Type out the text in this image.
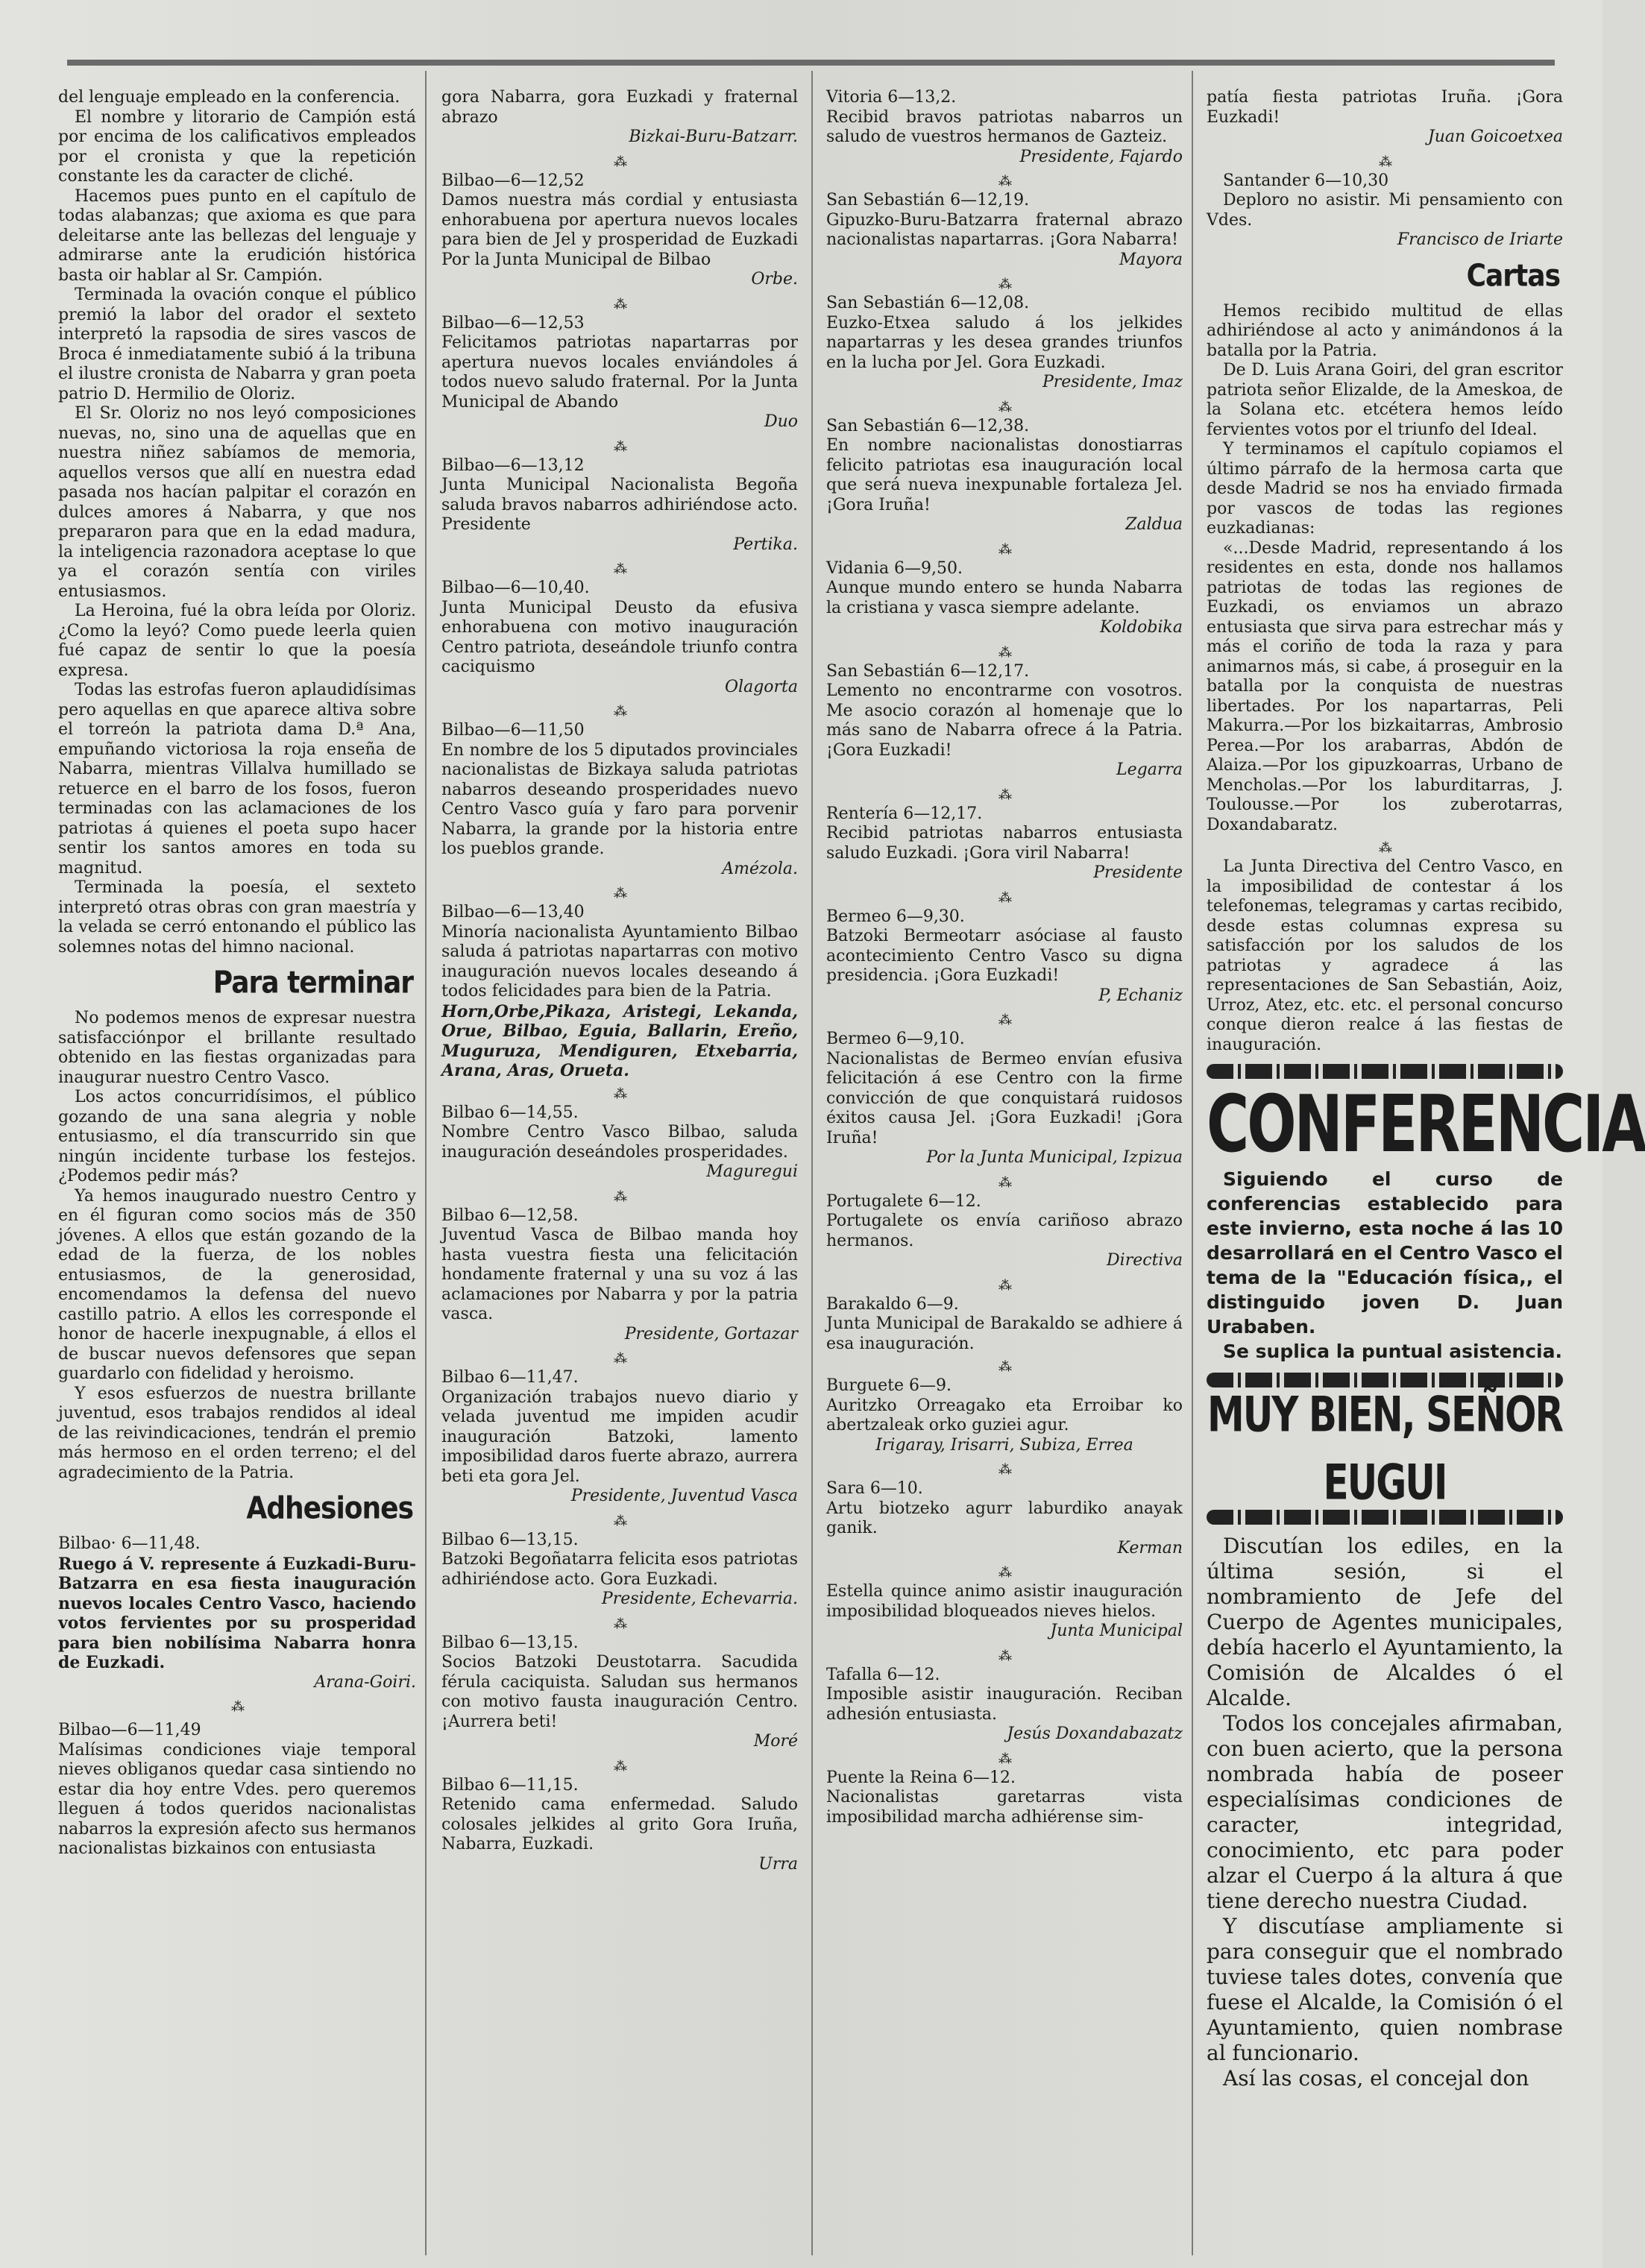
del lenguaje empleado en la conferencia.

El nombre y litorario de Campión está por encima de los calificativos empleados por el cronista y que la repetición constante les da caracter de cliché.

Hacemos pues punto en el capítulo de todas alabanzas; que axioma es que para deleitarse ante las bellezas del lenguaje y admirarse ante la erudición histórica basta oir hablar al Sr. Campión.

Terminada la ovación conque el público premió la labor del orador el sexteto interpretó la rapsodia de sires vascos de Broca é inmediatamente subió á la tribuna el ilustre cronista de Nabarra y gran poeta patrio D. Hermilio de Oloriz.

El Sr. Oloriz no nos leyó composiciones nuevas, no, sino una de aquellas que en nuestra niñez sabíamos de memoria, aquellos versos que allí en nuestra edad pasada nos hacían palpitar el corazón en dulces amores á Nabarra, y que nos prepararon para que en la edad madura, la inteligencia razonadora aceptase lo que ya el corazón sentía con viriles entusiasmos.

La Heroina, fué la obra leída por Oloriz. ¿Como la leyó? Como puede leerla quien fué capaz de sentir lo que la poesía expresa.

Todas las estrofas fueron aplaudidísimas pero aquellas en que aparece altiva sobre el torreón la patriota dama D.ª Ana, empuñando victoriosa la roja enseña de Nabarra, mientras Villalva humillado se retuerce en el barro de los fosos, fueron terminadas con las aclamaciones de los patriotas á quienes el poeta supo hacer sentir los santos amores en toda su magnitud.

Terminada la poesía, el sexteto interpretó otras obras con gran maestría y la velada se cerró entonando el público las solemnes notas del himno nacional.

Para terminar

No podemos menos de expresar nuestra satisfacciónpor el brillante resultado obtenido en las fiestas organizadas para inaugurar nuestro Centro Vasco.

Los actos concurridísimos, el público gozando de una sana alegria y noble entusiasmo, el día transcurrido sin que ningún incidente turbase los festejos. ¿Podemos pedir más?

Ya hemos inaugurado nuestro Centro y en él figuran como socios más de 350 jóvenes. A ellos que están gozando de la edad de la fuerza, de los nobles entusiasmos, de la generosidad, encomendamos la defensa del nuevo castillo patrio. A ellos les corresponde el honor de hacerle inexpugnable, á ellos el de buscar nuevos defensores que sepan guardarlo con fidelidad y heroismo.

Y esos esfuerzos de nuestra brillante juventud, esos trabajos rendidos al ideal de las reivindicaciones, tendrán el premio más hermoso en el orden terreno; el del agradecimiento de la Patria.

Adhesiones

Bilbao· 6—11,48.

Ruego á V. represente á Euzkadi-Buru-Batzarra en esa fiesta inauguración nuevos locales Centro Vasco, haciendo votos fervientes por su prosperidad para bien nobilísima Nabarra honra de Euzkadi.

Arana-Goiri.

⁂

Bilbao—6—11,49

Malísimas condiciones viaje temporal nieves obliganos quedar casa sintiendo no estar dia hoy entre Vdes. pero queremos lleguen á todos queridos nacionalistas nabarros la expresión afecto sus hermanos nacionalistas bizkainos con entusiasta

gora Nabarra, gora Euzkadi y fraternal abrazo

Bizkai-Buru-Batzarr.

⁂

Bilbao—6—12,52

Damos nuestra más cordial y entusiasta enhorabuena por apertura nuevos locales para bien de Jel y prosperidad de Euzkadi Por la Junta Municipal de Bilbao

Orbe.

⁂

Bilbao—6—12,53

Felicitamos patriotas napartarras por apertura nuevos locales enviándoles á todos nuevo saludo fraternal. Por la Junta Municipal de Abando

Duo

⁂

Bilbao—6—13,12

Junta Municipal Nacionalista Begoña saluda bravos nabarros adhiriéndose acto. Presidente

Pertika.

⁂

Bilbao—6—10,40.

Junta Municipal Deusto da efusiva enhorabuena con motivo inauguración Centro patriota, deseándole triunfo contra caciquismo

Olagorta

⁂

Bilbao—6—11,50

En nombre de los 5 diputados provinciales nacionalistas de Bizkaya saluda patriotas nabarros deseando prosperidades nuevo Centro Vasco guía y faro para porvenir Nabarra, la grande por la historia entre los pueblos grande.

Amézola.

⁂

Bilbao—6—13,40

Minoría nacionalista Ayuntamiento Bilbao saluda á patriotas napartarras con motivo inauguración nuevos locales deseando á todos felicidades para bien de la Patria.

Horn,Orbe,Pikaza, Aristegi, Lekanda, Orue, Bilbao, Eguia, Ballarin, Ereño, Muguruza, Mendiguren, Etxebarria, Arana, Aras, Orueta.

⁂

Bilbao 6—14,55.

Nombre Centro Vasco Bilbao, saluda inauguración deseándoles prosperidades.

Maguregui

⁂

Bilbao 6—12,58.

Juventud Vasca de Bilbao manda hoy hasta vuestra fiesta una felicitación hondamente fraternal y una su voz á las aclamaciones por Nabarra y por la patria vasca.

Presidente, Gortazar

⁂

Bilbao 6—11,47.

Organización trabajos nuevo diario y velada juventud me impiden acudir inauguración Batzoki, lamento imposibilidad daros fuerte abrazo, aurrera beti eta gora Jel.

Presidente, Juventud Vasca

⁂

Bilbao 6—13,15.

Batzoki Begoñatarra felicita esos patriotas adhiriéndose acto. Gora Euzkadi.

Presidente, Echevarria.

⁂

Bilbao 6—13,15.

Socios Batzoki Deustotarra. Sacudida férula caciquista. Saludan sus hermanos con motivo fausta inauguración Centro. ¡Aurrera beti!

Moré

⁂

Bilbao 6—11,15.

Retenido cama enfermedad. Saludo colosales jelkides al grito Gora Iruña, Nabarra, Euzkadi.

Urra

Vitoria 6—13,2.

Recibid bravos patriotas nabarros un saludo de vuestros hermanos de Gazteiz.

Presidente, Fajardo

⁂

San Sebastián 6—12,19.

Gipuzko-Buru-Batzarra fraternal abrazo nacionalistas napartarras. ¡Gora Nabarra!

Mayora

⁂

San Sebastián 6—12,08.

Euzko-Etxea saludo á los jelkides napartarras y les desea grandes triunfos en la lucha por Jel. Gora Euzkadi.

Presidente, Imaz

⁂

San Sebastián 6—12,38.

En nombre nacionalistas donostiarras felicito patriotas esa inauguración local que será nueva inexpunable fortaleza Jel. ¡Gora Iruña!

Zaldua

⁂

Vidania 6—9,50.

Aunque mundo entero se hunda Nabarra la cristiana y vasca siempre adelante.

Koldobika

⁂

San Sebastián 6—12,17.

Lemento no encontrarme con vosotros. Me asocio corazón al homenaje que lo más sano de Nabarra ofrece á la Patria. ¡Gora Euzkadi!

Legarra

⁂

Rentería 6—12,17.

Recibid patriotas nabarros entusiasta saludo Euzkadi. ¡Gora viril Nabarra!

Presidente

⁂

Bermeo 6—9,30.

Batzoki Bermeotarr asóciase al fausto acontecimiento Centro Vasco su digna presidencia. ¡Gora Euzkadi!

P, Echaniz

⁂

Bermeo 6—9,10.

Nacionalistas de Bermeo envían efusiva felicitación á ese Centro con la firme convicción de que conquistará ruidosos éxitos causa Jel. ¡Gora Euzkadi! ¡Gora Iruña!

Por la Junta Municipal, Izpizua

⁂

Portugalete 6—12.

Portugalete os envía cariñoso abrazo hermanos.

Directiva

⁂

Barakaldo 6—9.

Junta Municipal de Barakaldo se adhiere á esa inauguración.

⁂

Burguete 6—9.

Auritzko Orreagako eta Erroibar ko abertzaleak orko guziei agur.

Irigaray, Irisarri, Subiza, Errea

⁂

Sara 6—10.

Artu biotzeko agurr laburdiko anayak ganik.

Kerman

⁂

Estella quince animo asistir inauguración imposibilidad bloqueados nieves hielos.

Junta Municipal

⁂

Tafalla 6—12.

Imposible asistir inauguración. Reciban adhesión entusiasta.

Jesús Doxandabazatz

⁂

Puente la Reina 6—12.

Nacionalistas garetarras vista imposibilidad marcha adhiérense sim-

patía fiesta patriotas Iruña. ¡Gora Euzkadi!

Juan Goicoetxea

⁂

Santander 6—10,30

Deploro no asistir. Mi pensamiento con Vdes.

Francisco de Iriarte

Cartas

Hemos recibido multitud de ellas adhiriéndose al acto y animándonos á la batalla por la Patria.

De D. Luis Arana Goiri, del gran escritor patriota señor Elizalde, de la Ameskoa, de la Solana etc. etcétera hemos leído fervientes votos por el triunfo del Ideal.

Y terminamos el capítulo copiamos el último párrafo de la hermosa carta que desde Madrid se nos ha enviado firmada por vascos de todas las regiones euzkadianas:

«...Desde Madrid, representando á los residentes en esta, donde nos hallamos patriotas de todas las regiones de Euzkadi, os enviamos un abrazo entusiasta que sirva para estrechar más y más el coriño de toda la raza y para animarnos más, si cabe, á proseguir en la batalla por la conquista de nuestras libertades. Por los napartarras, Peli Makurra.—Por los bizkaitarras, Ambrosio Perea.—Por los arabarras, Abdón de Alaiza.—Por los gipuzkoarras, Urbano de Mencholas.—Por los laburditarras, J. Toulousse.—Por los zuberotarras, Doxandabaratz.

⁂

La Junta Directiva del Centro Vasco, en la imposibilidad de contestar á los telefonemas, telegramas y cartas recibido, desde estas columnas expresa su satisfacción por los saludos de los patriotas y agradece á las representaciones de San Sebastián, Aoiz, Urroz, Atez, etc. etc. el personal concurso conque dieron realce á las fiestas de inauguración.

CONFERENCIA

Siguiendo el curso de conferencias establecido para este invierno, esta noche á las 10 desarrollará en el Centro Vasco el tema de la "Educación física,, el distinguido joven D. Juan Urababen.

Se suplica la puntual asistencia.

MUY BIEN, SEÑOR EUGUI

Discutían los ediles, en la última sesión, si el nombramiento de Jefe del Cuerpo de Agentes municipales, debía hacerlo el Ayuntamiento, la Comisión de Alcaldes ó el Alcalde.

Todos los concejales afirmaban, con buen acierto, que la persona nombrada había de poseer especialísimas condiciones de caracter, integridad, conocimiento, etc para poder alzar el Cuerpo á la altura á que tiene derecho nuestra Ciudad.

Y discutíase ampliamente si para conseguir que el nombrado tuviese tales dotes, convenía que fuese el Alcalde, la Comisión ó el Ayuntamiento, quien nombrase al funcionario.

Así las cosas, el concejal don
